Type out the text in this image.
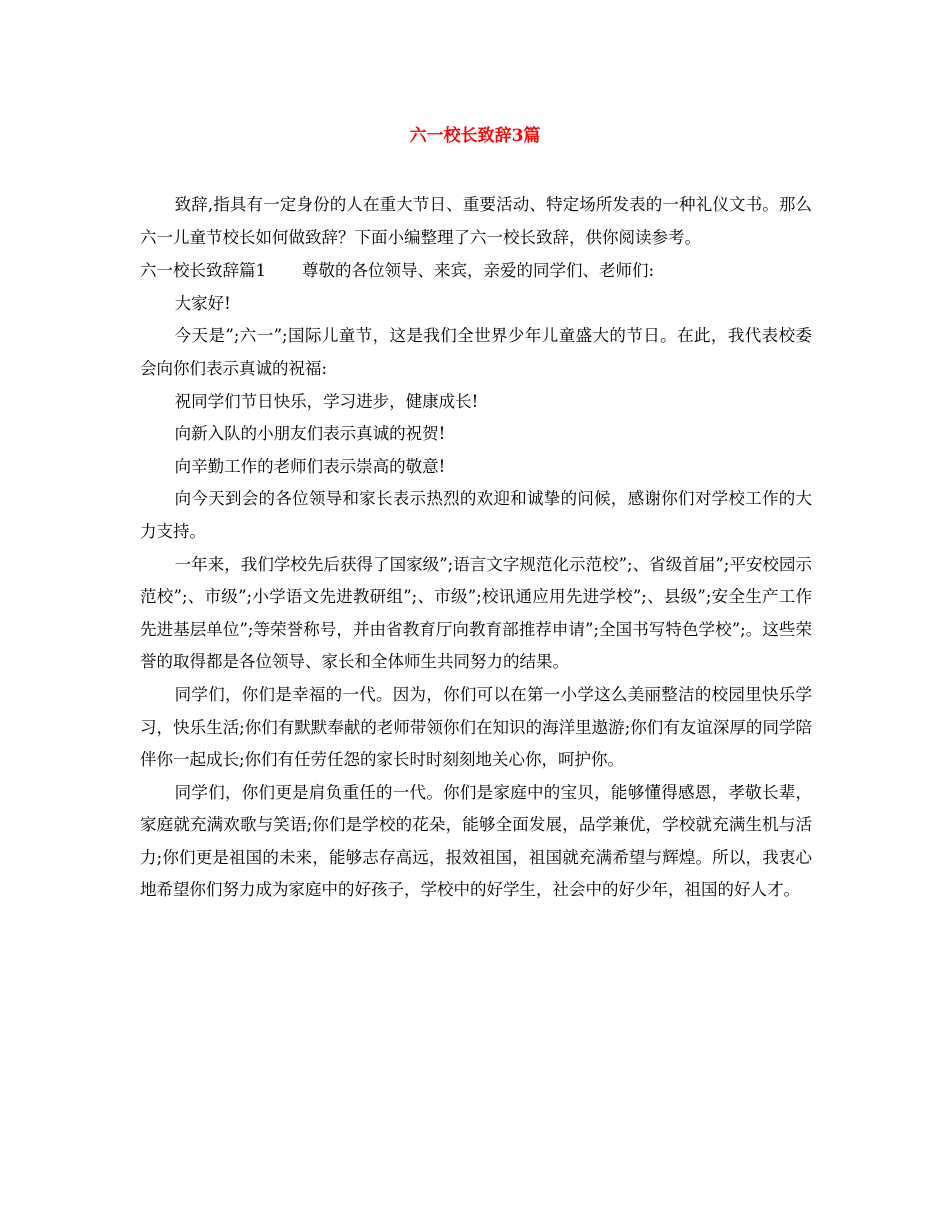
六一校长致辞3篇

致辞,指具有一定身份的人在重大节日、重要活动、特定场所发表的一种礼仪文书。那么六一儿童节校长如何做致辞？下面小编整理了六一校长致辞，供你阅读参考。

六一校长致辞篇1 尊敬的各位领导、来宾，亲爱的同学们、老师们:

大家好!

今天是”;六一”;国际儿童节，这是我们全世界少年儿童盛大的节日。在此，我代表校委会向你们表示真诚的祝福:

祝同学们节日快乐，学习进步，健康成长!

向新入队的小朋友们表示真诚的祝贺!

向辛勤工作的老师们表示崇高的敬意!

向今天到会的各位领导和家长表示热烈的欢迎和诚挚的问候，感谢你们对学校工作的大力支持。

一年来，我们学校先后获得了国家级”;语言文字规范化示范校”;、省级首届”;平安校园示范校”;、市级”;小学语文先进教研组”;、市级”;校讯通应用先进学校”;、县级”;安全生产工作先进基层单位”;等荣誉称号，并由省教育厅向教育部推荐申请”;全国书写特色学校”;。这些荣誉的取得都是各位领导、家长和全体师生共同努力的结果。

同学们，你们是幸福的一代。因为，你们可以在第一小学这么美丽整洁的校园里快乐学习，快乐生活;你们有默默奉献的老师带领你们在知识的海洋里遨游;你们有友谊深厚的同学陪伴你一起成长;你们有任劳任怨的家长时时刻刻地关心你，呵护你。

同学们，你们更是肩负重任的一代。你们是家庭中的宝贝，能够懂得感恩，孝敬长辈，家庭就充满欢歌与笑语;你们是学校的花朵，能够全面发展，品学兼优，学校就充满生机与活力;你们更是祖国的未来，能够志存高远，报效祖国，祖国就充满希望与辉煌。所以，我衷心地希望你们努力成为家庭中的好孩子，学校中的好学生，社会中的好少年，祖国的好人才。
